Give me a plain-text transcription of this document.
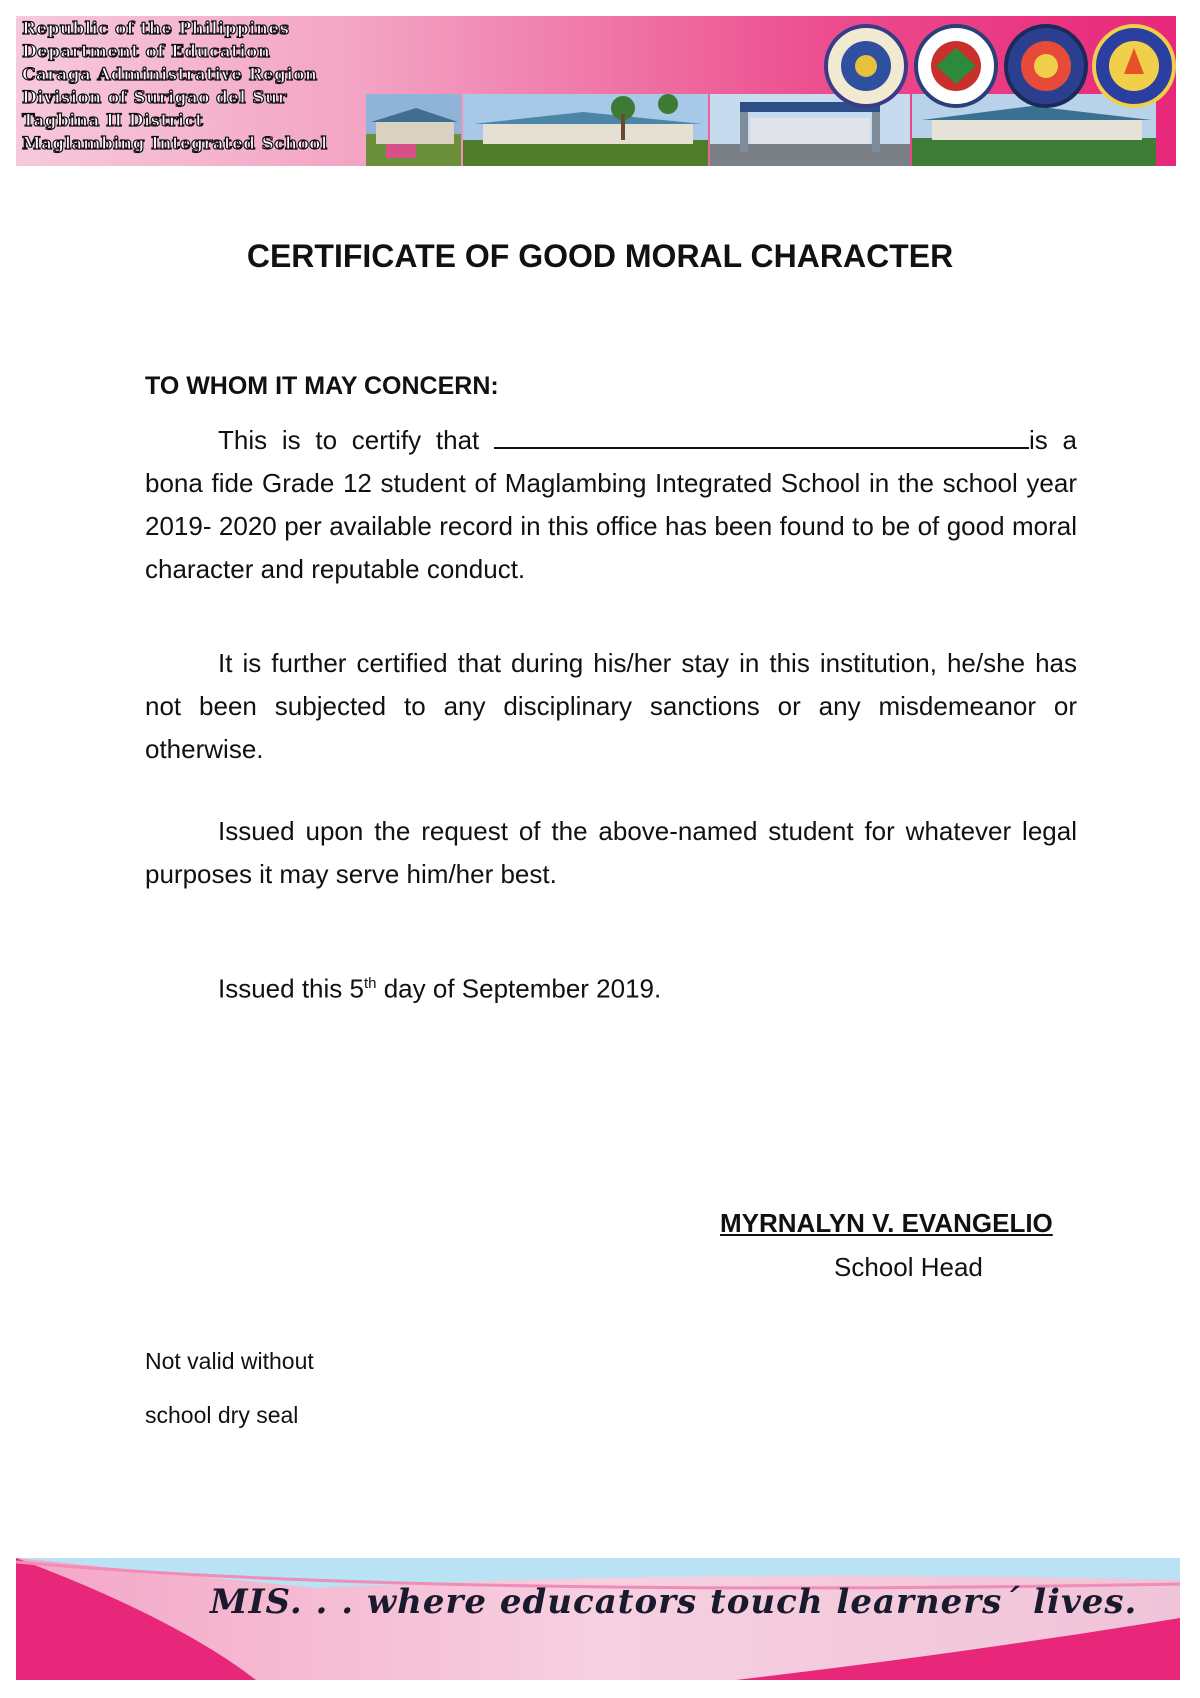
Republic of the Philippines
Department of Education
Caraga Administrative Region
Division of Surigao del Sur
Tagbina II District
Maglambing Integrated School
CERTIFICATE OF GOOD MORAL CHARACTER
TO WHOM IT MAY CONCERN:
This is to certify that	is a bona fide Grade 12 student of Maglambing Integrated School in the school year 2019- 2020 per available record in this office has been found to be of good moral character and reputable conduct.
It is further certified that during his/her stay in this institution, he/she has not been subjected to any disciplinary sanctions or any misdemeanor or otherwise.
Issued upon the request of the above-named student for whatever legal purposes it may serve him/her best.
Issued this 5th day of September 2019.
MYRNALYN V. EVANGELIO
School Head
Not valid without
school dry seal
MIS. . . where educators touch learners´ lives.
